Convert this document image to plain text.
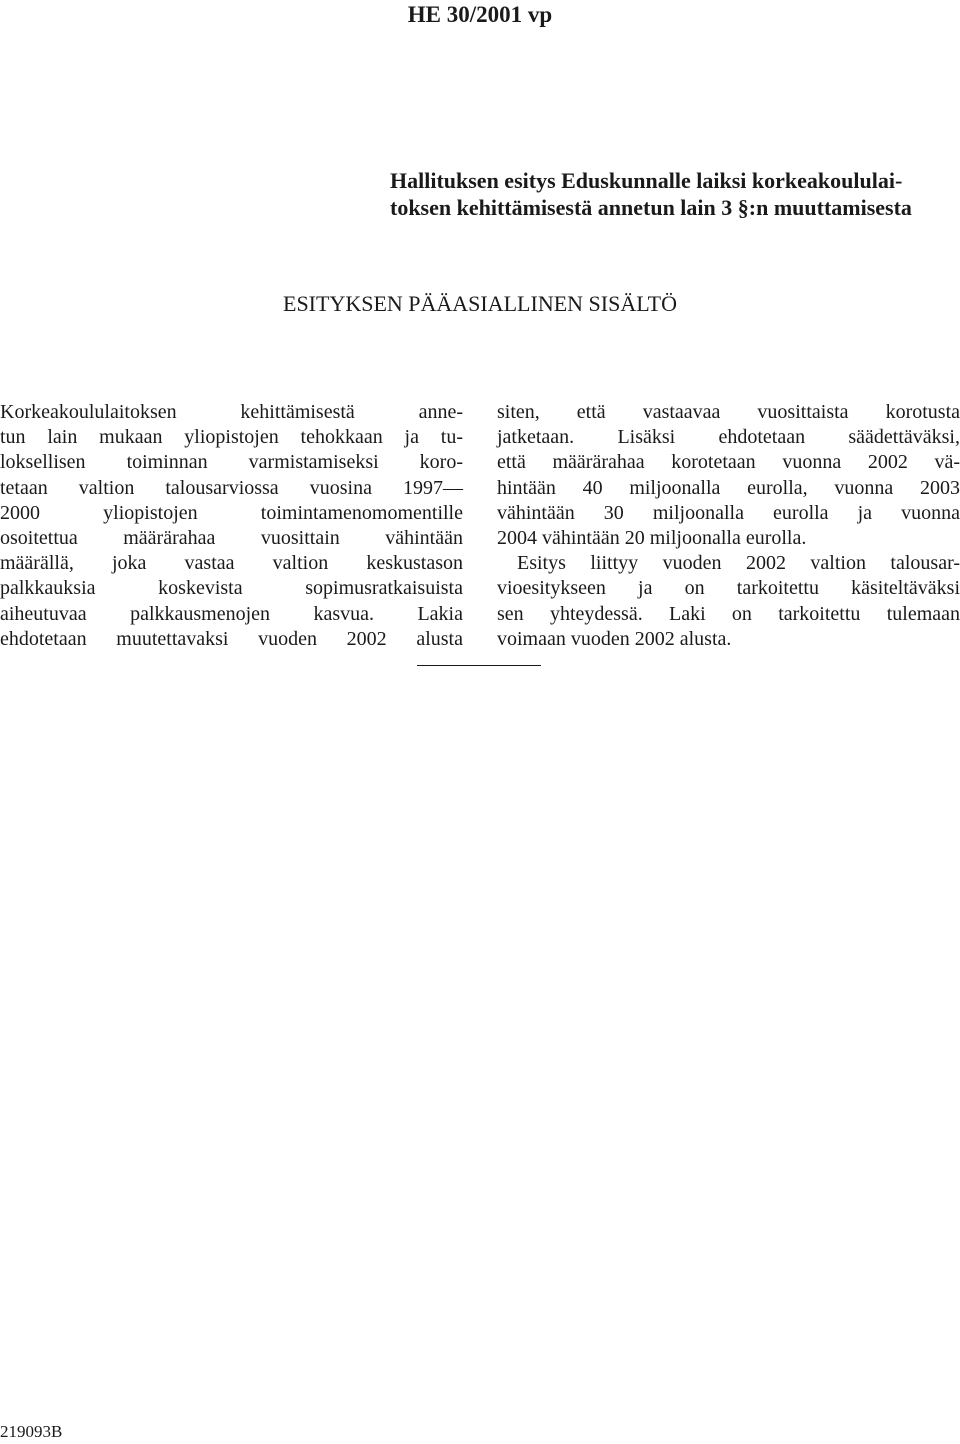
HE 30/2001 vp
Hallituksen esitys Eduskunnalle laiksi korkeakoululai-
toksen kehittämisestä annetun lain 3 §:n muuttamisesta
ESITYKSEN PÄÄASIALLINEN SISÄLTÖ
Korkeakoululaitoksen kehittämisestä anne-
tun lain mukaan yliopistojen tehokkaan ja tu-
loksellisen toiminnan varmistamiseksi koro-
tetaan valtion talousarviossa vuosina 1997—
2000 yliopistojen toimintamenomomentille
osoitettua määrärahaa vuosittain vähintään
määrällä, joka vastaa valtion keskustason
palkkauksia koskevista sopimusratkaisuista
aiheutuvaa palkkausmenojen kasvua. Lakia
ehdotetaan muutettavaksi vuoden 2002 alusta
siten, että vastaavaa vuosittaista korotusta
jatketaan. Lisäksi ehdotetaan säädettäväksi,
että määrärahaa korotetaan vuonna 2002 vä-
hintään 40 miljoonalla eurolla, vuonna 2003
vähintään 30 miljoonalla eurolla ja vuonna
2004 vähintään 20 miljoonalla eurolla.
Esitys liittyy vuoden 2002 valtion talousar-
vioesitykseen ja on tarkoitettu käsiteltäväksi
sen yhteydessä. Laki on tarkoitettu tulemaan
voimaan vuoden 2002 alusta.
219093B
